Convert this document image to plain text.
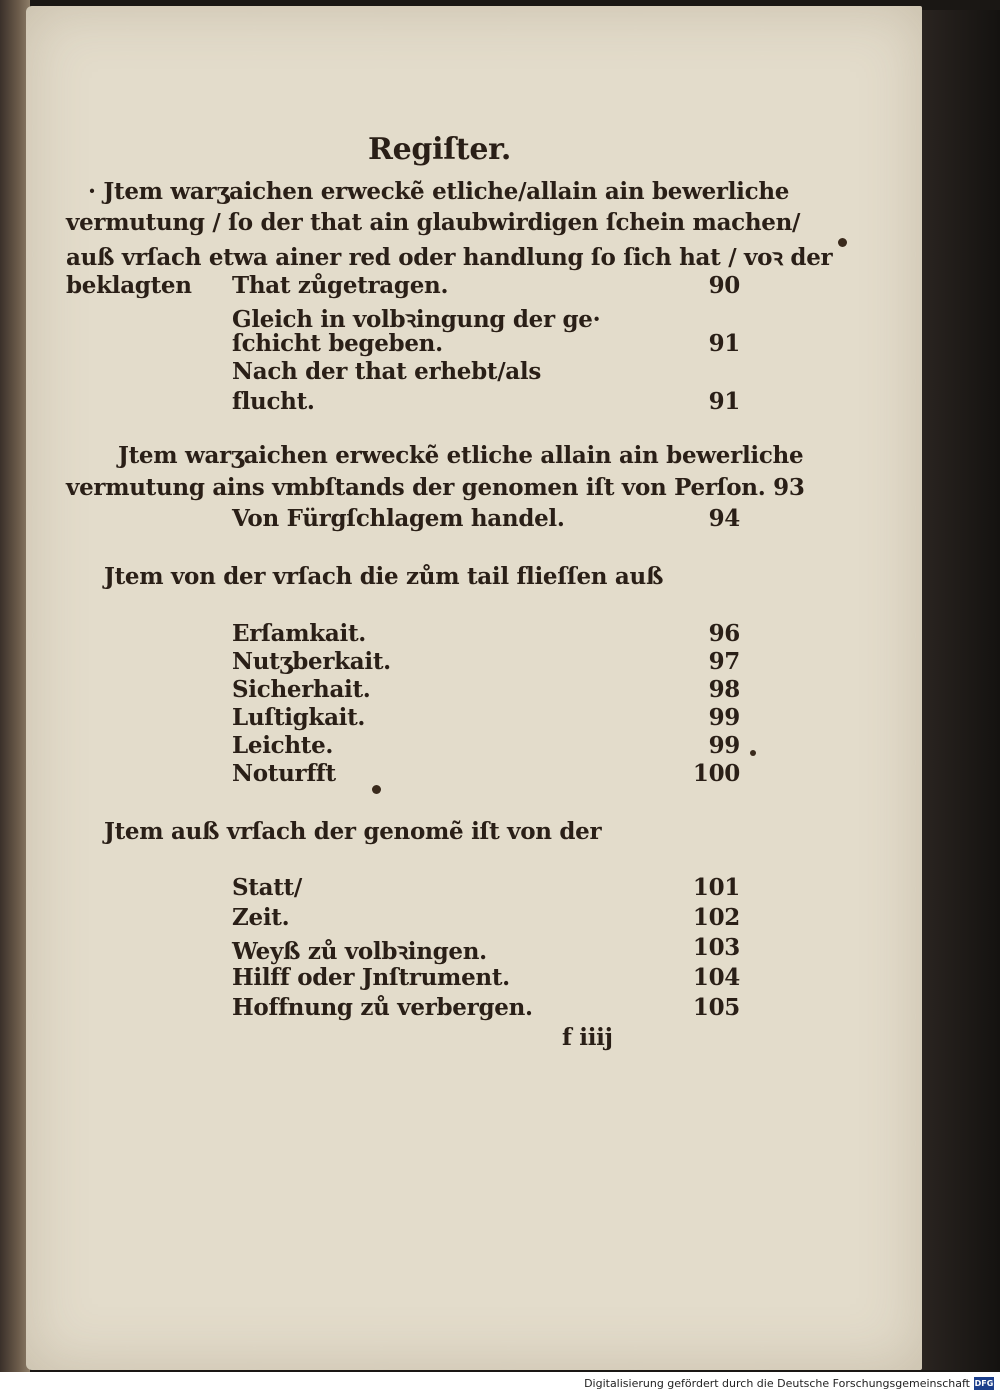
Regiſter.
· Jtem warʒaichen erweckẽ etliche/allain ain bewerliche
vermutung / ſo der that ain glaubwirdigen ſchein machen/
auß vrſach etwa ainer red oder handlung ſo ſich hat / voꝛ der
beklagten That zůgetragen.	90
Gleich in volbꝛingung der ge·
ſchicht begeben.	91
Nach der that erhebt/als
flucht.	91
Jtem warʒaichen erweckẽ etliche allain ain bewerliche
vermutung ains vmbſtands der genomen iſt von Perſon. 93
Von Fürgſchlagem handel.	94
Jtem von der vrſach die zům tail flieſſen auß
Erſamkait.	96
Nutʒberkait.	97
Sicherhait.	98
Luſtigkait.	99
Leichte.	99
Noturfft	100
Jtem auß vrſach der genomẽ iſt von der
Statt/	101
Zeit.	102
Weyß zů volbꝛingen.	103
Hilff oder Jnſtrument.	104
Hoffnung zů verbergen.	105
f iiij
Digitalisierung gefördert durch die Deutsche Forschungsgemeinschaft DFG
